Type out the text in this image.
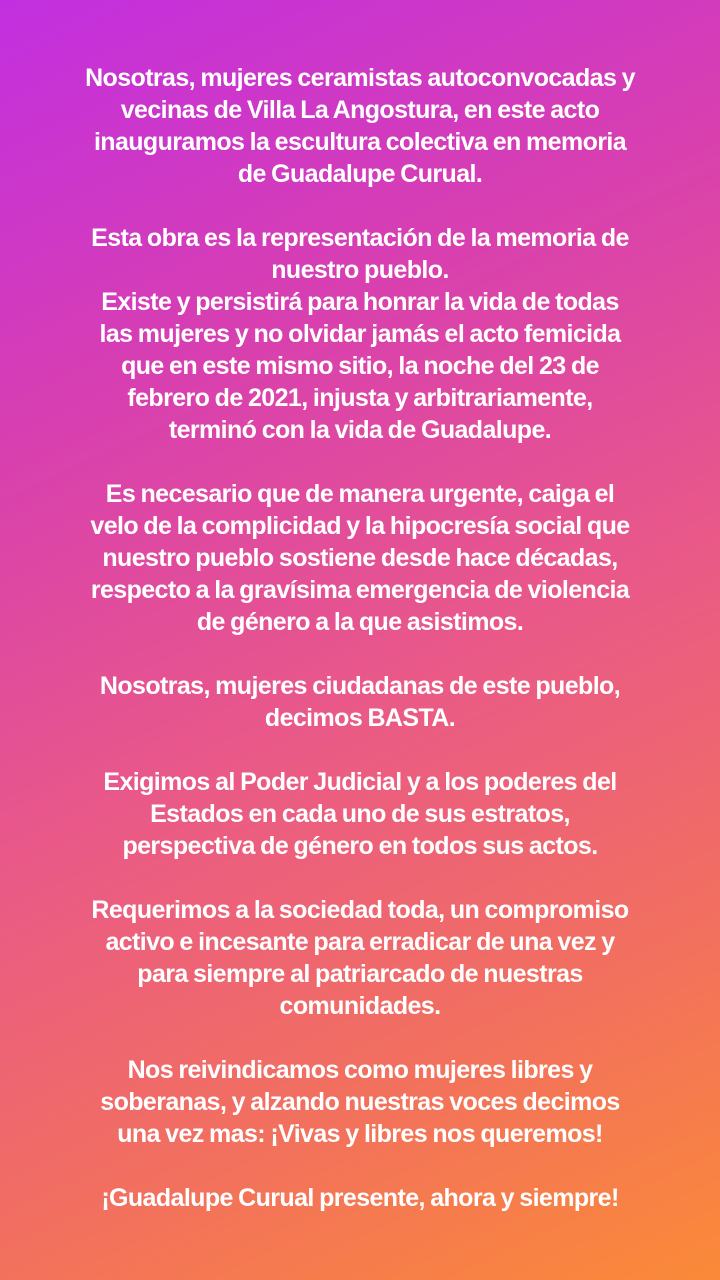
Nosotras, mujeres ceramistas autoconvocadas y
vecinas de Villa La Angostura, en este acto
inauguramos la escultura colectiva en memoria
de Guadalupe Curual.

Esta obra es la representación de la memoria de
nuestro pueblo.
Existe y persistirá para honrar la vida de todas
las mujeres y no olvidar jamás el acto femicida
que en este mismo sitio, la noche del 23 de
febrero de 2021, injusta y arbitrariamente,
terminó con la vida de Guadalupe.

Es necesario que de manera urgente, caiga el
velo de la complicidad y la hipocresía social que
nuestro pueblo sostiene desde hace décadas,
respecto a la gravísima emergencia de violencia
de género a la que asistimos.

Nosotras, mujeres ciudadanas de este pueblo,
decimos BASTA.

Exigimos al Poder Judicial y a los poderes del
Estados en cada uno de sus estratos,
perspectiva de género en todos sus actos.

Requerimos a la sociedad toda, un compromiso
activo e incesante para erradicar de una vez y
para siempre al patriarcado de nuestras
comunidades.

Nos reivindicamos como mujeres libres y
soberanas, y alzando nuestras voces decimos
una vez mas: ¡Vivas y libres nos queremos!

¡Guadalupe Curual presente, ahora y siempre!
